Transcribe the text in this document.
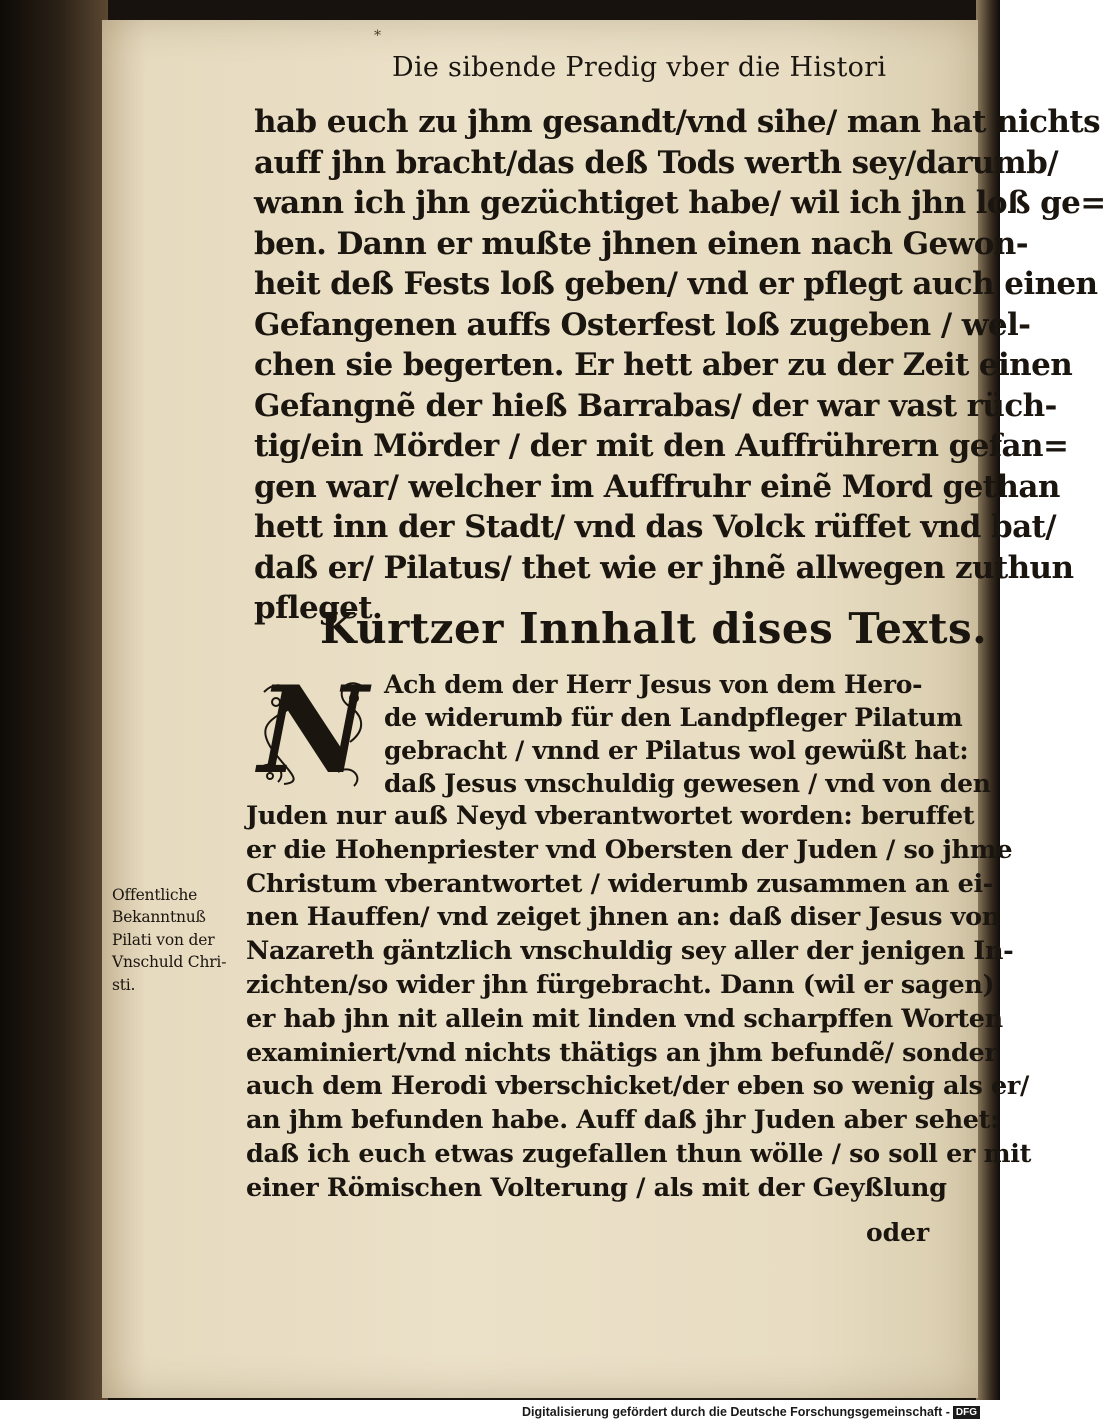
*
Die sibende Predig vber die Histori
hab euch zu jhm gesandt/vnd sihe/ man hat nichts
auff jhn bracht/das deß Tods werth sey/darumb/
wann ich jhn gezüchtiget habe/ wil ich jhn loß ge=
ben. Dann er mußte jhnen einen nach Gewon-
heit deß Fests loß geben/ vnd er pflegt auch einen
Gefangenen auffs Osterfest loß zugeben / wel-
chen sie begerten. Er hett aber zu der Zeit einen
Gefangnẽ der hieß Barrabas/ der war vast rüch-
tig/ein Mörder / der mit den Auffrührern gefan=
gen war/ welcher im Auffruhr einẽ Mord gethan
hett inn der Stadt/ vnd das Volck rüffet vnd bat/
daß er/ Pilatus/ thet wie er jhnẽ allwegen zuthun
pfleget.
Kurtzer Innhalt dises Texts.
N Ach dem der Herr Jesus von dem Hero-
de widerumb für den Landpfleger Pilatum
gebracht / vnnd er Pilatus wol gewüßt hat:
daß Jesus vnschuldig gewesen / vnd von den
Juden nur auß Neyd vberantwortet worden: beruffet
er die Hohenpriester vnd Obersten der Juden / so jhme
Christum vberantwortet / widerumb zusammen an ei-
nen Hauffen/ vnd zeiget jhnen an: daß diser Jesus von
Nazareth gäntzlich vnschuldig sey aller der jenigen In-
zichten/so wider jhn fürgebracht. Dann (wil er sagen)
er hab jhn nit allein mit linden vnd scharpffen Worten
examiniert/vnd nichts thätigs an jhm befundẽ/ sonder
auch dem Herodi vberschicket/der eben so wenig als er/
an jhm befunden habe. Auff daß jhr Juden aber sehet:
daß ich euch etwas zugefallen thun wölle / so soll er mit
einer Römischen Volterung / als mit der Geyßlung
oder
Offentliche
Bekanntnuß
Pilati von der
Vnschuld Chri-
sti.
Digitalisierung gefördert durch die Deutsche Forschungsgemeinschaft - DFG
